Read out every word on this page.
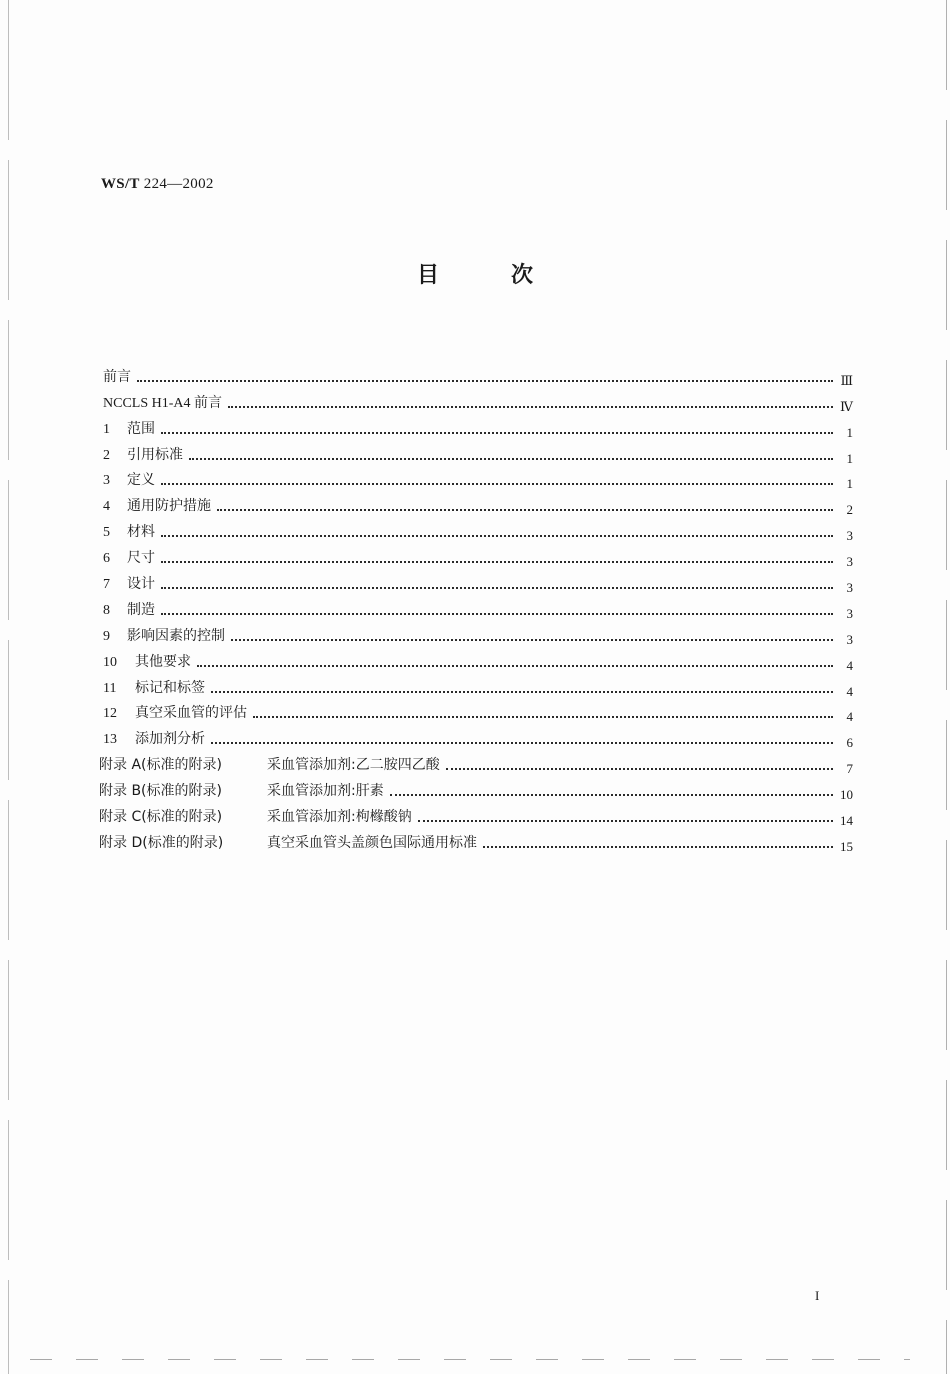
WS/T 224—2002
目	次
前言	Ⅲ
NCCLS H1-A4 前言	Ⅳ
1	范围	1
2	引用标准	1
3	定义	1
4	通用防护措施	2
5	材料	3
6	尺寸	3
7	设计	3
8	制造	3
9	影响因素的控制	3
10	其他要求	4
11	标记和标签	4
12	真空采血管的评估	4
13	添加剂分析	6
附录 A(标准的附录)	采血管添加剂:乙二胺四乙酸	7
附录 B(标准的附录)	采血管添加剂:肝素	10
附录 C(标准的附录)	采血管添加剂:枸橼酸钠	14
附录 D(标准的附录)	真空采血管头盖颜色国际通用标准	15
I
